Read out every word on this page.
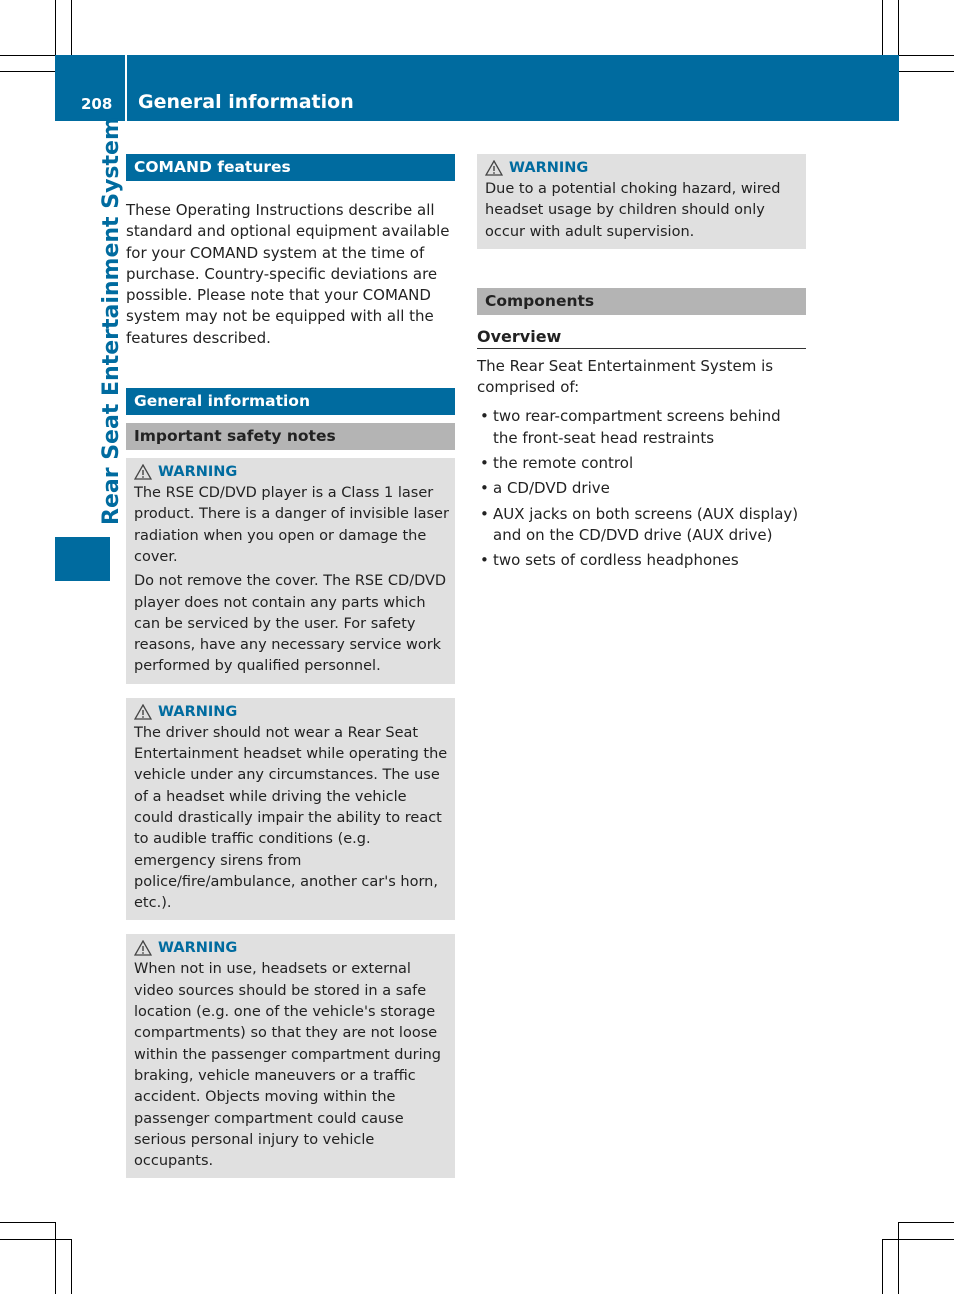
208 General information
Rear Seat Entertainment System COMAND features

These Operating Instructions describe all standard and optional equipment available for your COMAND system at the time of purchase. Country-specific deviations are possible. Please note that your COMAND system may not be equipped with all the features described.

General information
Important safety notes
WARNING

The RSE CD/DVD player is a Class 1 laser product. There is a danger of invisible laser radiation when you open or damage the cover.

Do not remove the cover. The RSE CD/DVD player does not contain any parts which can be serviced by the user. For safety reasons, have any necessary service work performed by qualified personnel.

WARNING

The driver should not wear a Rear Seat Entertainment headset while operating the vehicle under any circumstances. The use of a headset while driving the vehicle could drastically impair the ability to react to audible traffic conditions (e.g. emergency sirens from police/fire/ambulance, another car's horn, etc.).

WARNING

When not in use, headsets or external video sources should be stored in a safe location (e.g. one of the vehicle's storage compartments) so that they are not loose within the passenger compartment during braking, vehicle maneuvers or a traffic accident. Objects moving within the passenger compartment could cause serious personal injury to vehicle occupants.

WARNING

Due to a potential choking hazard, wired headset usage by children should only occur with adult supervision.

Components
Overview

The Rear Seat Entertainment System is comprised of:

• two rear-compartment screens behind the front-seat head restraints
• the remote control
• a CD/DVD drive
• AUX jacks on both screens (AUX display) and on the CD/DVD drive (AUX drive)
• two sets of cordless headphones
